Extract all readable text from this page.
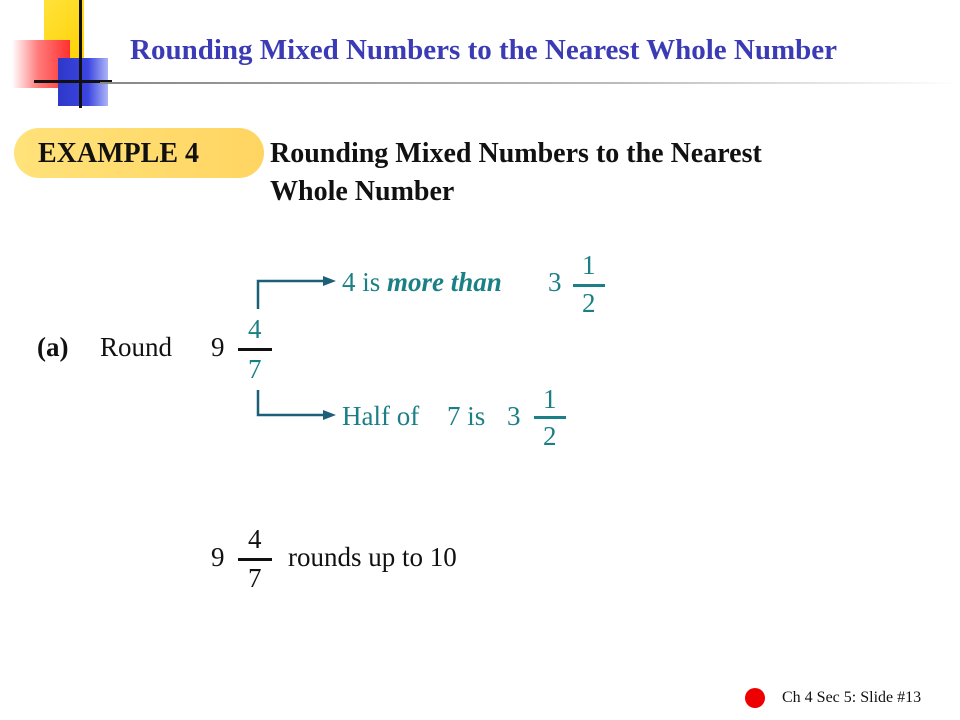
Rounding Mixed Numbers to the Nearest Whole Number
EXAMPLE 4	Rounding Mixed Numbers to the Nearest
Whole Number
4 is more than 3
1
2
(a) Round 9
4
7
Half of 7 is 3
1
2
9
4
7
rounds up to 10
Ch 4 Sec 5: Slide #13
